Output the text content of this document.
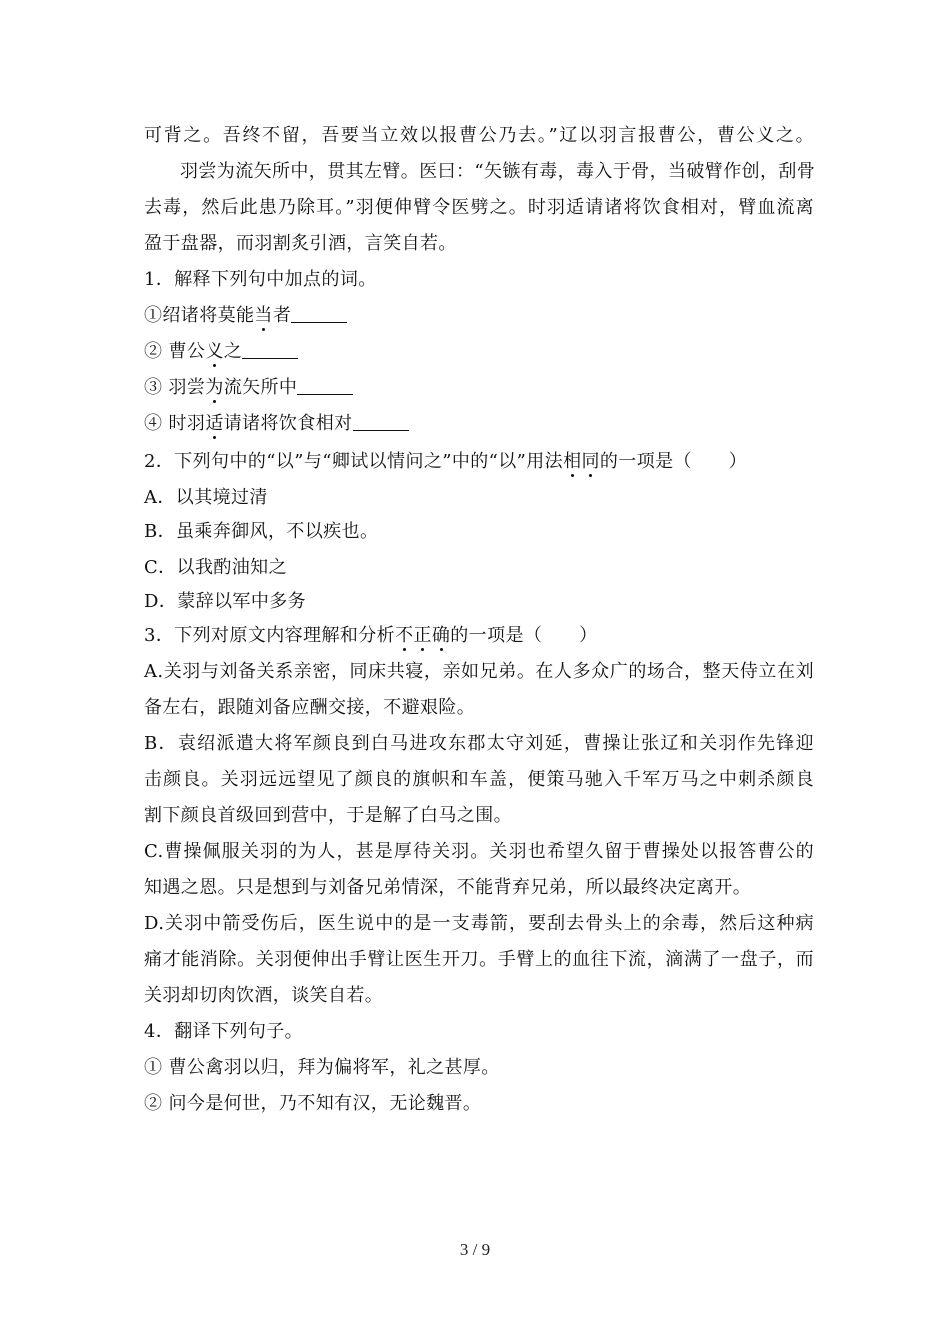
可背之。吾终不留，吾要当立效以报曹公乃去。”辽以羽言报曹公，曹公义之。
羽尝为流矢所中，贯其左臂。医曰：“矢镞有毒，毒入于骨，当破臂作创，刮骨
去毒，然后此患乃除耳。”羽便伸臂令医劈之。时羽适请诸将饮食相对，臂血流离
盈于盘器，而羽割炙引酒，言笑自若。
1．解释下列句中加点的词。
①绍诸将莫能当者
② 曹公义之
③ 羽尝为流矢所中
④ 时羽适请诸将饮食相对
2．下列句中的“以”与“卿试以情问之”中的“以”用法相同的一项是（　　）
A．以其境过清
B．虽乘奔御风，不以疾也。
C．以我酌油知之
D．蒙辞以军中多务
3．下列对原文内容理解和分析不正确的一项是（　　）
A.关羽与刘备关系亲密，同床共寝，亲如兄弟。在人多众广的场合，整天侍立在刘
备左右，跟随刘备应酬交接，不避艰险。
B．袁绍派遣大将军颜良到白马进攻东郡太守刘延，曹操让张辽和关羽作先锋迎
击颜良。关羽远远望见了颜良的旗帜和车盖，便策马驰入千军万马之中刺杀颜良
割下颜良首级回到营中，于是解了白马之围。
C.曹操佩服关羽的为人，甚是厚待关羽。关羽也希望久留于曹操处以报答曹公的
知遇之恩。只是想到与刘备兄弟情深，不能背弃兄弟，所以最终决定离开。
D.关羽中箭受伤后，医生说中的是一支毒箭，要刮去骨头上的余毒，然后这种病
痛才能消除。关羽便伸出手臂让医生开刀。手臂上的血往下流，滴满了一盘子，而
关羽却切肉饮酒，谈笑自若。
4．翻译下列句子。
① 曹公禽羽以归，拜为偏将军，礼之甚厚。
② 问今是何世，乃不知有汉，无论魏晋。
3 / 9
